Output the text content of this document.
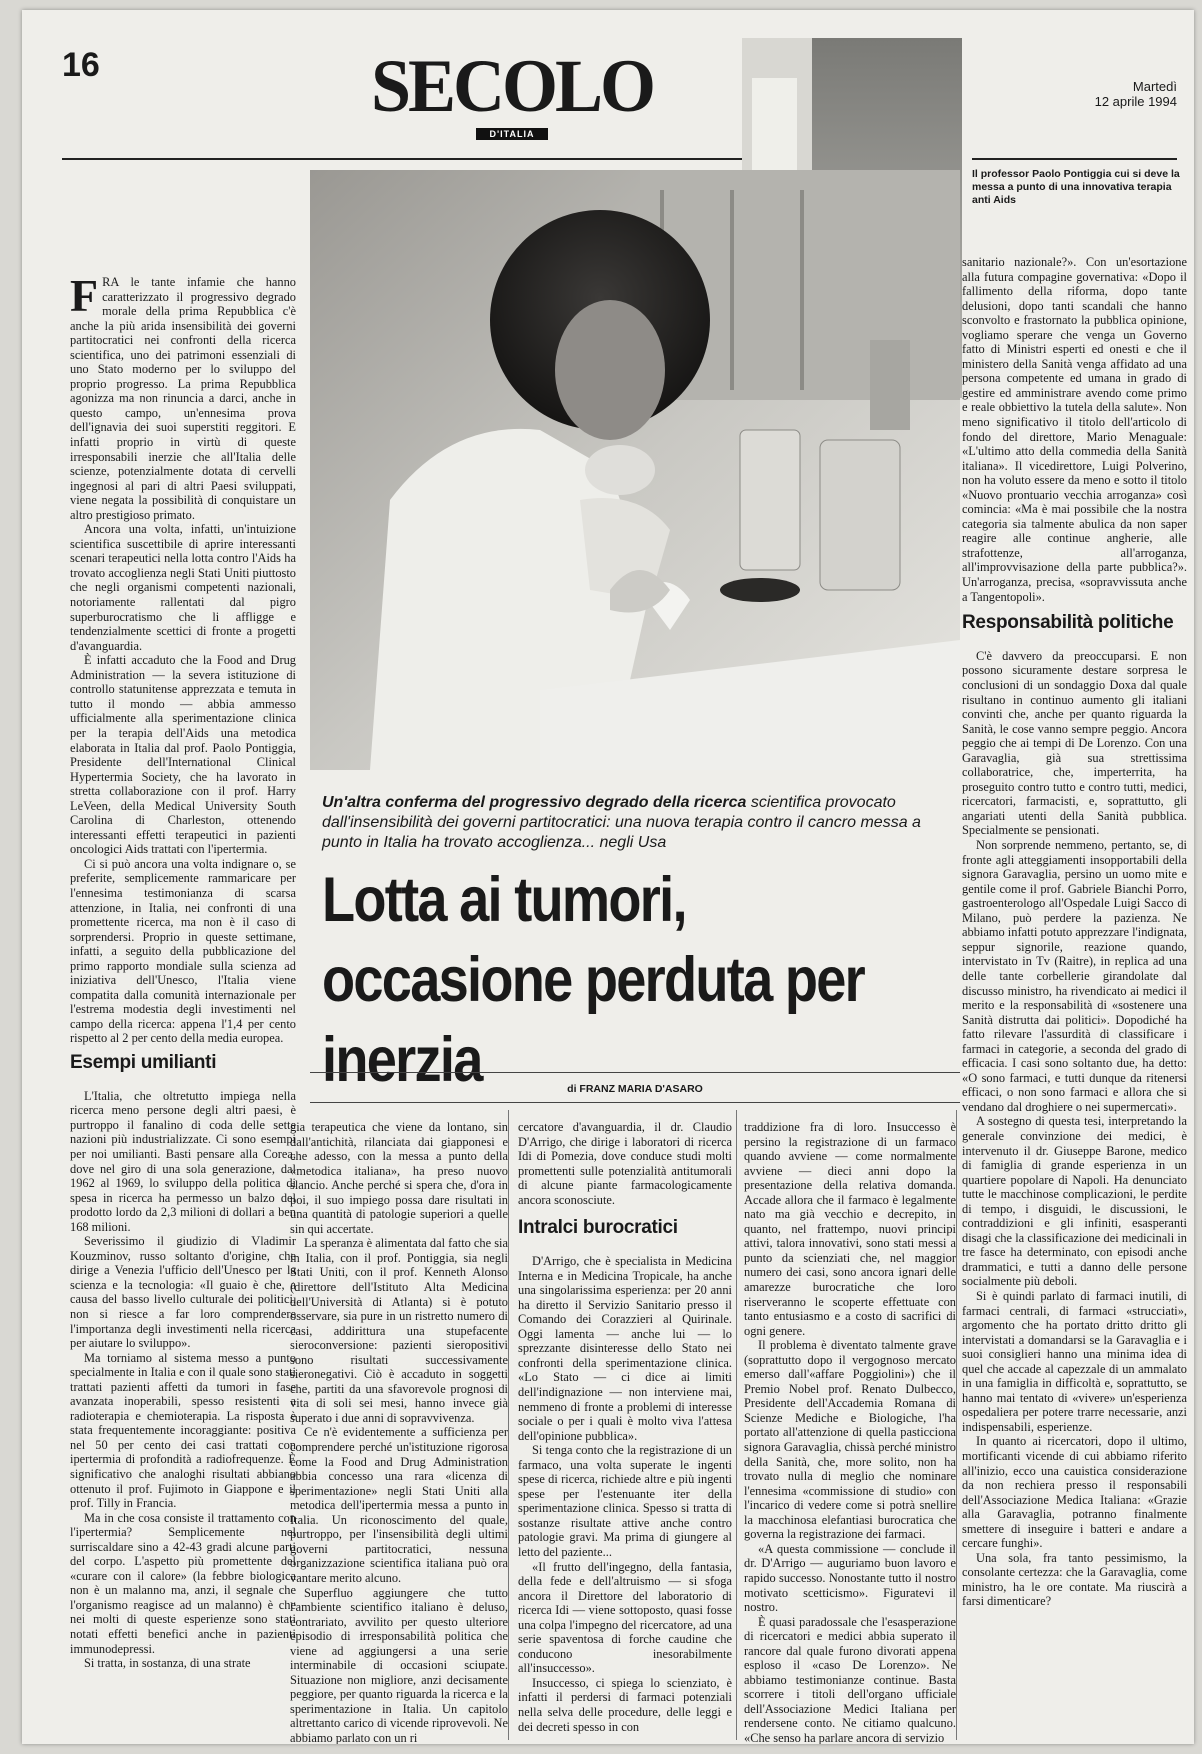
16	SECOLO
D'ITALIA
Martedì
12 aprile 1994
Il professor Paolo Pontiggia cui si deve la messa a punto di una innovativa terapia anti Aids
Un'altra conferma del progressivo degrado della ricerca scientifica provocato dall'insensibilità dei governi partitocratici: una nuova terapia contro il cancro messa a punto in Italia ha trovato accoglienza... negli Usa
Lotta ai tumori, occasione perduta per inerzia	di FRANZ MARIA D'ASARO

FRA le tante infamie che hanno caratterizzato il progressivo degrado morale della prima Repubblica c'è anche la più arida insensibilità dei governi partitocratici nei confronti della ricerca scientifica, uno dei patrimoni essenziali di uno Stato moderno per lo sviluppo del proprio progresso. La prima Repubblica agonizza ma non rinuncia a darci, anche in questo campo, un'ennesima prova dell'ignavia dei suoi superstiti reggitori. E infatti proprio in virtù di queste irresponsabili inerzie che all'Italia delle scienze, potenzialmente dotata di cervelli ingegnosi al pari di altri Paesi sviluppati, viene negata la possibilità di conquistare un altro prestigioso primato.

Ancora una volta, infatti, un'intuizione scientifica suscettibile di aprire interessanti scenari terapeutici nella lotta contro l'Aids ha trovato accoglienza negli Stati Uniti piuttosto che negli organismi competenti nazionali, notoriamente rallentati dal pigro superburocratismo che li affligge e tendenzialmente scettici di fronte a progetti d'avanguardia.

È infatti accaduto che la Food and Drug Administration — la severa istituzione di controllo statunitense apprezzata e temuta in tutto il mondo — abbia ammesso ufficialmente alla sperimentazione clinica per la terapia dell'Aids una metodica elaborata in Italia dal prof. Paolo Pontiggia, Presidente dell'International Clinical Hypertermia Society, che ha lavorato in stretta collaborazione con il prof. Harry LeVeen, della Medical University South Carolina di Charleston, ottenendo interessanti effetti terapeutici in pazienti oncologici Aids trattati con l'ipertermia.

Ci si può ancora una volta indignare o, se preferite, semplicemente rammaricare per l'ennesima testimonianza di scarsa attenzione, in Italia, nei confronti di una promettente ricerca, ma non è il caso di sorprendersi. Proprio in queste settimane, infatti, a seguito della pubblicazione del primo rapporto mondiale sulla scienza ad iniziativa dell'Unesco, l'Italia viene compatita dalla comunità internazionale per l'estrema modestia degli investimenti nel campo della ricerca: appena l'1,4 per cento rispetto al 2 per cento della media europea.

Esempi umilianti

L'Italia, che oltretutto impiega nella ricerca meno persone degli altri paesi, è purtroppo il fanalino di coda delle sette nazioni più industrializzate. Ci sono esempi per noi umilianti. Basti pensare alla Corea, dove nel giro di una sola generazione, dal 1962 al 1969, lo sviluppo della politica di spesa in ricerca ha permesso un balzo del prodotto lordo da 2,3 milioni di dollari a ben 168 milioni.

Severissimo il giudizio di Vladimir Kouzminov, russo soltanto d'origine, che dirige a Venezia l'ufficio dell'Unesco per la scienza e la tecnologia: «Il guaio è che, a causa del basso livello culturale dei politici, non si riesce a far loro comprendere l'importanza degli investimenti nella ricerca per aiutare lo sviluppo».

Ma torniamo al sistema messo a punto specialmente in Italia e con il quale sono stati trattati pazienti affetti da tumori in fase avanzata inoperabili, spesso resistenti a radioterapia e chemioterapia. La risposta è stata frequentemente incoraggiante: positiva nel 50 per cento dei casi trattati con ipertermia di profondità a radiofrequenze. È significativo che analoghi risultati abbiano ottenuto il prof. Fujimoto in Giappone e il prof. Tilly in Francia.

Ma in che cosa consiste il trattamento con l'ipertermia? Semplicemente nel surriscaldare sino a 42-43 gradi alcune parti del corpo. L'aspetto più promettente del «curare con il calore» (la febbre biologica non è un malanno ma, anzi, il segnale che l'organismo reagisce ad un malanno) è che nei molti di queste esperienze sono stati notati effetti benefici anche in pazienti immunodepressi.

Si tratta, in sostanza, di una strate

gia terapeutica che viene da lontano, sin dall'antichità, rilanciata dai giapponesi e che adesso, con la messa a punto della «metodica italiana», ha preso nuovo slancio. Anche perché si spera che, d'ora in poi, il suo impiego possa dare risultati in una quantità di patologie superiori a quelle sin qui accertate.

La speranza è alimentata dal fatto che sia in Italia, con il prof. Pontiggia, sia negli Stati Uniti, con il prof. Kenneth Alonso (direttore dell'Istituto Alta Medicina dell'Università di Atlanta) si è potuto osservare, sia pure in un ristretto numero di casi, addirittura una stupefacente sieroconversione: pazienti sieropositivi sono risultati successivamente sieronegativi. Ciò è accaduto in soggetti che, partiti da una sfavorevole prognosi di vita di soli sei mesi, hanno invece già superato i due anni di sopravvivenza.

Ce n'è evidentemente a sufficienza per comprendere perché un'istituzione rigorosa come la Food and Drug Administration abbia concesso una rara «licenza di sperimentazione» negli Stati Uniti alla metodica dell'ipertermia messa a punto in Italia. Un riconoscimento del quale, purtroppo, per l'insensibilità degli ultimi governi partitocratici, nessuna organizzazione scientifica italiana può ora vantare merito alcuno.

Superfluo aggiungere che tutto l'ambiente scientifico italiano è deluso, contrariato, avvilito per questo ulteriore episodio di irresponsabilità politica che viene ad aggiungersi a una serie interminabile di occasioni sciupate. Situazione non migliore, anzi decisamente peggiore, per quanto riguarda la ricerca e la sperimentazione in Italia. Un capitolo altrettanto carico di vicende riprovevoli. Ne abbiamo parlato con un ri

cercatore d'avanguardia, il dr. Claudio D'Arrigo, che dirige i laboratori di ricerca Idi di Pomezia, dove conduce studi molti promettenti sulle potenzialità antitumorali di alcune piante farmacologicamente ancora sconosciute.

Intralci burocratici

D'Arrigo, che è specialista in Medicina Interna e in Medicina Tropicale, ha anche una singolarissima esperienza: per 20 anni ha diretto il Servizio Sanitario presso il Comando dei Corazzieri al Quirinale. Oggi lamenta — anche lui — lo sprezzante disinteresse dello Stato nei confronti della sperimentazione clinica. «Lo Stato — ci dice ai limiti dell'indignazione — non interviene mai, nemmeno di fronte a problemi di interesse sociale o per i quali è molto viva l'attesa dell'opinione pubblica».

Si tenga conto che la registrazione di un farmaco, una volta superate le ingenti spese di ricerca, richiede altre e più ingenti spese per l'estenuante iter della sperimentazione clinica. Spesso si tratta di sostanze risultate attive anche contro patologie gravi. Ma prima di giungere al letto del paziente...

«Il frutto dell'ingegno, della fantasia, della fede e dell'altruismo — si sfoga ancora il Direttore del laboratorio di ricerca Idi — viene sottoposto, quasi fosse una colpa l'impegno del ricercatore, ad una serie spaventosa di forche caudine che conducono inesorabilmente all'insuccesso».

Insuccesso, ci spiega lo scienziato, è infatti il perdersi di farmaci potenziali nella selva delle procedure, delle leggi e dei decreti spesso in con

traddizione fra di loro. Insuccesso è persino la registrazione di un farmaco quando avviene — come normalmente avviene — dieci anni dopo la presentazione della relativa domanda. Accade allora che il farmaco è legalmente nato ma già vecchio e decrepito, in quanto, nel frattempo, nuovi principi attivi, talora innovativi, sono stati messi a punto da scienziati che, nel maggior numero dei casi, sono ancora ignari delle amarezze burocratiche che loro riserveranno le scoperte effettuate con tanto entusiasmo e a costo di sacrifici di ogni genere.

Il problema è diventato talmente grave (soprattutto dopo il vergognoso mercato emerso dall'«affare Poggiolini») che il Premio Nobel prof. Renato Dulbecco, Presidente dell'Accademia Romana di Scienze Mediche e Biologiche, l'ha portato all'attenzione di quella pasticciona signora Garavaglia, chissà perché ministro della Sanità, che, more solito, non ha trovato nulla di meglio che nominare l'ennesima «commissione di studio» con l'incarico di vedere come si potrà snellire la macchinosa elefantiasi burocratica che governa la registrazione dei farmaci.

«A questa commissione — conclude il dr. D'Arrigo — auguriamo buon lavoro e rapido successo. Nonostante tutto il nostro motivato scetticismo». Figuratevi il nostro.

È quasi paradossale che l'esasperazione di ricercatori e medici abbia superato il rancore dal quale furono divorati appena esploso il «caso De Lorenzo». Ne abbiamo testimonianze continue. Basta scorrere i titoli dell'organo ufficiale dell'Associazione Medici Italiana per rendersene conto. Ne citiamo qualcuno. «Che senso ha parlare ancora di servizio

sanitario nazionale?». Con un'esortazione alla futura compagine governativa: «Dopo il fallimento della riforma, dopo tante delusioni, dopo tanti scandali che hanno sconvolto e frastornato la pubblica opinione, vogliamo sperare che venga un Governo fatto di Ministri esperti ed onesti e che il ministero della Sanità venga affidato ad una persona competente ed umana in grado di gestire ed amministrare avendo come primo e reale obbiettivo la tutela della salute». Non meno significativo il titolo dell'articolo di fondo del direttore, Mario Menaguale: «L'ultimo atto della commedia della Sanità italiana». Il vicedirettore, Luigi Polverino, non ha voluto essere da meno e sotto il titolo «Nuovo prontuario vecchia arroganza» così comincia: «Ma è mai possibile che la nostra categoria sia talmente abulica da non saper reagire alle continue angherie, alle strafottenze, all'arroganza, all'improvvisazione della parte pubblica?». Un'arroganza, precisa, «sopravvissuta anche a Tangentopoli».

Responsabilità politiche

C'è davvero da preoccuparsi. E non possono sicuramente destare sorpresa le conclusioni di un sondaggio Doxa dal quale risultano in continuo aumento gli italiani convinti che, anche per quanto riguarda la Sanità, le cose vanno sempre peggio. Ancora peggio che ai tempi di De Lorenzo. Con una Garavaglia, già sua strettissima collaboratrice, che, imperterrita, ha proseguito contro tutto e contro tutti, medici, ricercatori, farmacisti, e, soprattutto, gli angariati utenti della Sanità pubblica. Specialmente se pensionati.

Non sorprende nemmeno, pertanto, se, di fronte agli atteggiamenti insopportabili della signora Garavaglia, persino un uomo mite e gentile come il prof. Gabriele Bianchi Porro, gastroenterologo all'Ospedale Luigi Sacco di Milano, può perdere la pazienza. Ne abbiamo infatti potuto apprezzare l'indignata, seppur signorile, reazione quando, intervistato in Tv (Raitre), in replica ad una delle tante corbellerie girandolate dal discusso ministro, ha rivendicato ai medici il merito e la responsabilità di «sostenere una Sanità distrutta dai politici». Dopodiché ha fatto rilevare l'assurdità di classificare i farmaci in categorie, a seconda del grado di efficacia. I casi sono soltanto due, ha detto: «O sono farmaci, e tutti dunque da ritenersi efficaci, o non sono farmaci e allora che si vendano dal droghiere o nei supermercati».

A sostegno di questa tesi, interpretando la generale convinzione dei medici, è intervenuto il dr. Giuseppe Barone, medico di famiglia di grande esperienza in un quartiere popolare di Napoli. Ha denunciato tutte le macchinose complicazioni, le perdite di tempo, i disguidi, le discussioni, le contraddizioni e gli infiniti, esasperanti disagi che la classificazione dei medicinali in tre fasce ha determinato, con episodi anche drammatici, e tutti a danno delle persone socialmente più deboli.

Si è quindi parlato di farmaci inutili, di farmaci centrali, di farmaci «strucciati», argomento che ha portato dritto dritto gli intervistati a domandarsi se la Garavaglia e i suoi consiglieri hanno una minima idea di quel che accade al capezzale di un ammalato in una famiglia in difficoltà e, soprattutto, se hanno mai tentato di «vivere» un'esperienza ospedaliera per potere trarre necessarie, anzi indispensabili, esperienze.

In quanto ai ricercatori, dopo il ultimo, mortificanti vicende di cui abbiamo riferito all'inizio, ecco una cauistica considerazione da non rechiera presso il responsabili dell'Associazione Medica Italiana: «Grazie alla Garavaglia, potranno finalmente smettere di inseguire i batteri e andare a cercare funghi».

Una sola, fra tanto pessimismo, la consolante certezza: che la Garavaglia, come ministro, ha le ore contate. Ma riuscirà a farsi dimenticare?
